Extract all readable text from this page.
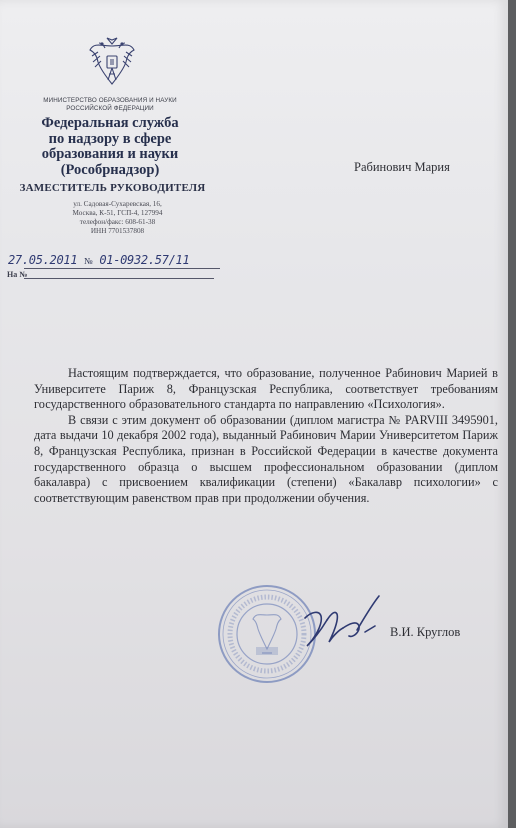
МИНИСТЕРСТВО ОБРАЗОВАНИЯ И НАУКИ
РОССИЙСКОЙ ФЕДЕРАЦИИ
Федеральная служба
по надзору в сфере
образования и науки
(Рособрнадзор)
ЗАМЕСТИТЕЛЬ РУКОВОДИТЕЛЯ
ул. Садовая-Сухаревская, 16,
Москва, К-51, ГСП-4, 127994
телефон/факс: 608-61-38
ИНН 7701537808
27.05.2011 № 01-0932.57/11
На №
Рабинович Мария

Настоящим подтверждается, что образование, полученное Рабинович Марией в Университете Париж 8, Французская Республика, соответствует требованиям государственного образовательного стандарта по направлению «Психология».

В связи с этим документ об образовании (диплом магистра № PARVIII 3495901, дата выдачи 10 декабря 2002 года), выданный Рабинович Марии Университетом Париж 8, Французская Республика, признан в Российской Федерации в качестве документа государственного образца о высшем профессиональном образовании (диплом бакалавра) с присвоением квалификации (степени) «Бакалавр психологии» с соответствующим равенством прав при продолжении обучения.

В.И. Круглов
